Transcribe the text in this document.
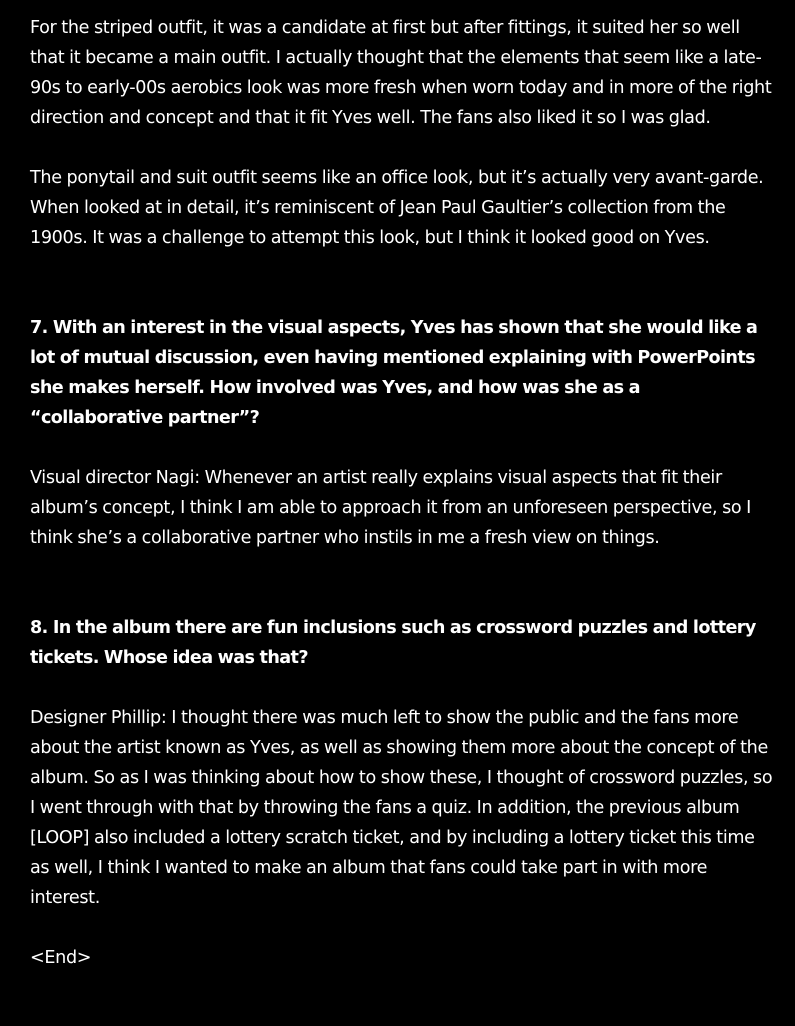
For the striped outfit, it was a candidate at first but after fittings, it suited her so well that it became a main outfit. I actually thought that the elements that seem like a late-90s to early-00s aerobics look was more fresh when worn today and in more of the right direction and concept and that it fit Yves well. The fans also liked it so I was glad.

The ponytail and suit outfit seems like an office look, but it’s actually very avant-garde. When looked at in detail, it’s reminiscent of Jean Paul Gaultier’s collection from the 1900s. It was a challenge to attempt this look, but I think it looked good on Yves.

7. With an interest in the visual aspects, Yves has shown that she would like a lot of mutual discussion, even having mentioned explaining with PowerPoints she makes herself. How involved was Yves, and how was she as a “collaborative partner”?

Visual director Nagi: Whenever an artist really explains visual aspects that fit their album’s concept, I think I am able to approach it from an unforeseen perspective, so I think she’s a collaborative partner who instils in me a fresh view on things.

8. In the album there are fun inclusions such as crossword puzzles and lottery tickets. Whose idea was that?

Designer Phillip: I thought there was much left to show the public and the fans more about the artist known as Yves, as well as showing them more about the concept of the album. So as I was thinking about how to show these, I thought of crossword puzzles, so I went through with that by throwing the fans a quiz. In addition, the previous album [LOOP] also included a lottery scratch ticket, and by including a lottery ticket this time as well, I think I wanted to make an album that fans could take part in with more interest.

<End>
